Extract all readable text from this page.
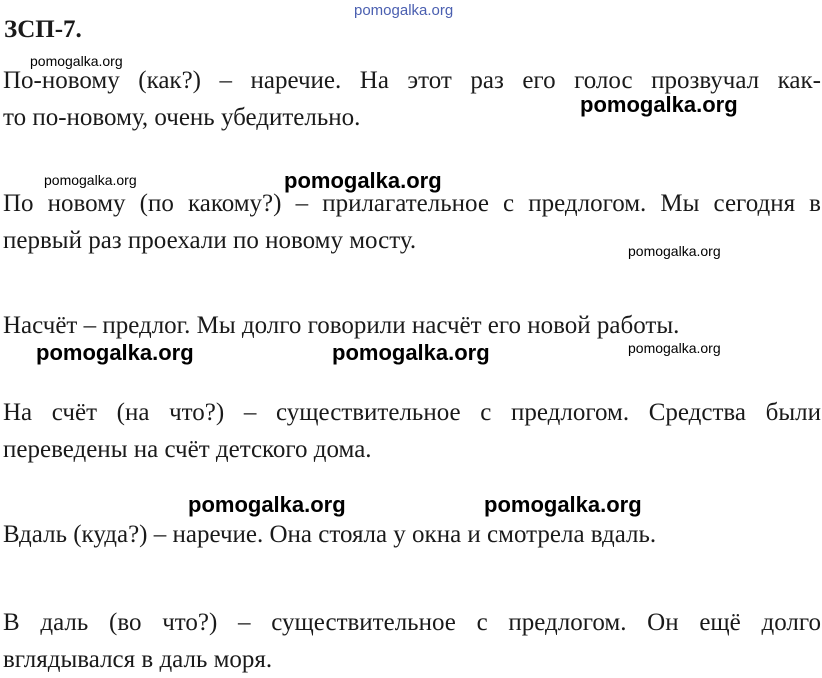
pomogalka.org
ЗСП-7.
pomogalka.org
pomogalka.org
pomogalka.org	pomogalka.org
pomogalka.org
pomogalka.org	pomogalka.org	pomogalka.org
pomogalka.org	pomogalka.org
По-новому (как?) – наречие. На этот раз его голос прозвучал как-
то по-новому, очень убедительно.
По новому (по какому?) – прилагательное с предлогом. Мы сегодня в
первый раз проехали по новому мосту.
Насчёт – предлог. Мы долго говорили насчёт его новой работы.
На счёт (на что?) – существительное с предлогом. Средства были
переведены на счёт детского дома.
Вдаль (куда?) – наречие. Она стояла у окна и смотрела вдаль.
В даль (во что?) – существительное с предлогом. Он ещё долго
вглядывался в даль моря.
